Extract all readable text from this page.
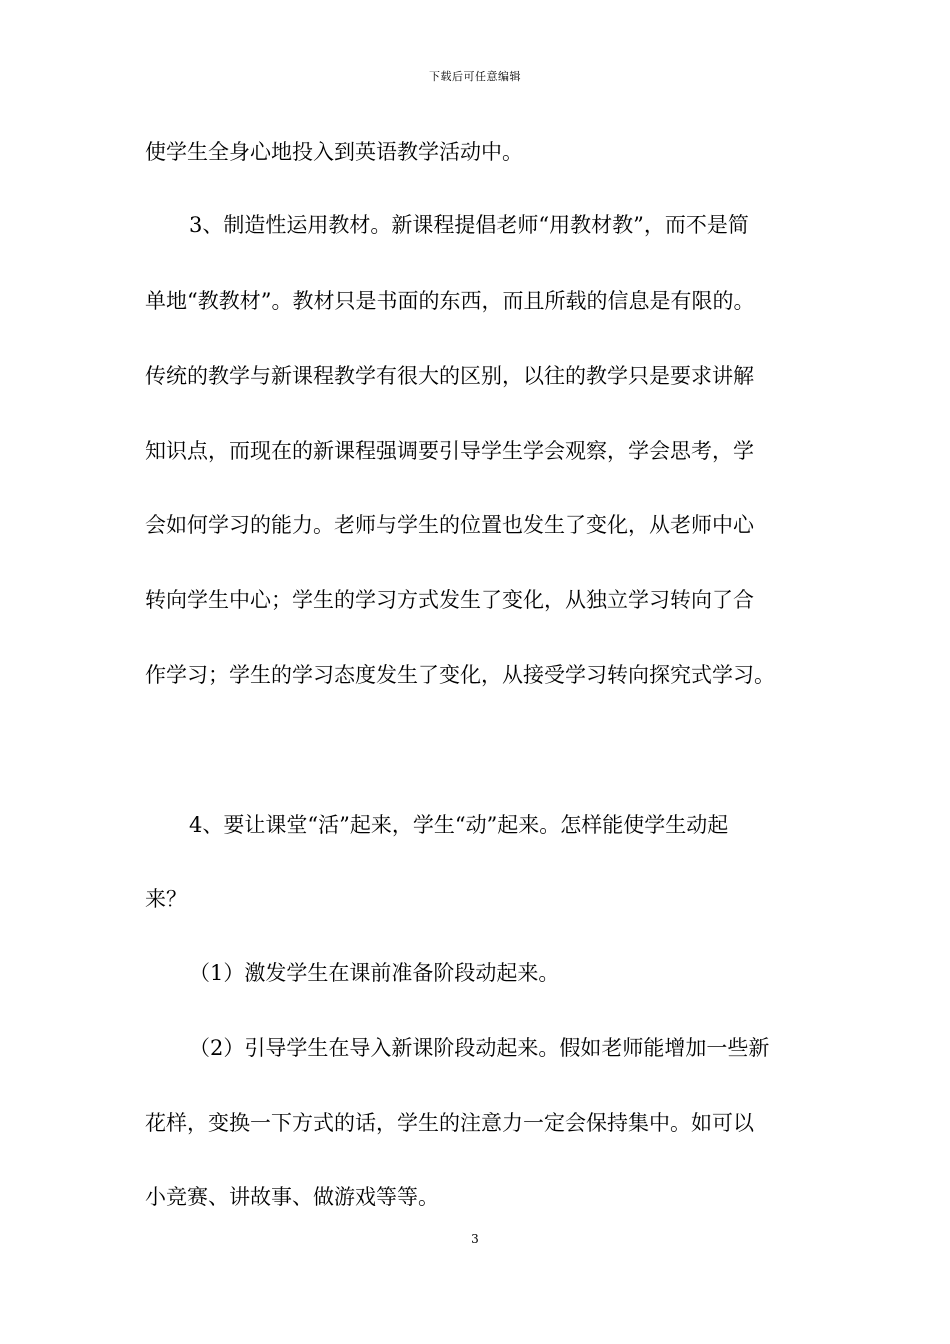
下载后可任意编辑
使学生全身心地投入到英语教学活动中。
3、制造性运用教材。新课程提倡老师“用教材教”，而不是简
单地“教教材”。教材只是书面的东西，而且所载的信息是有限的。
传统的教学与新课程教学有很大的区别，以往的教学只是要求讲解
知识点，而现在的新课程强调要引导学生学会观察，学会思考，学
会如何学习的能力。老师与学生的位置也发生了变化，从老师中心
转向学生中心；学生的学习方式发生了变化，从独立学习转向了合
作学习；学生的学习态度发生了变化，从接受学习转向探究式学习。
4、要让课堂“活”起来，学生“动”起来。怎样能使学生动起
来？
（1）激发学生在课前准备阶段动起来。
（2）引导学生在导入新课阶段动起来。假如老师能增加一些新
花样，变换一下方式的话，学生的注意力一定会保持集中。如可以
小竞赛、讲故事、做游戏等等。
3
